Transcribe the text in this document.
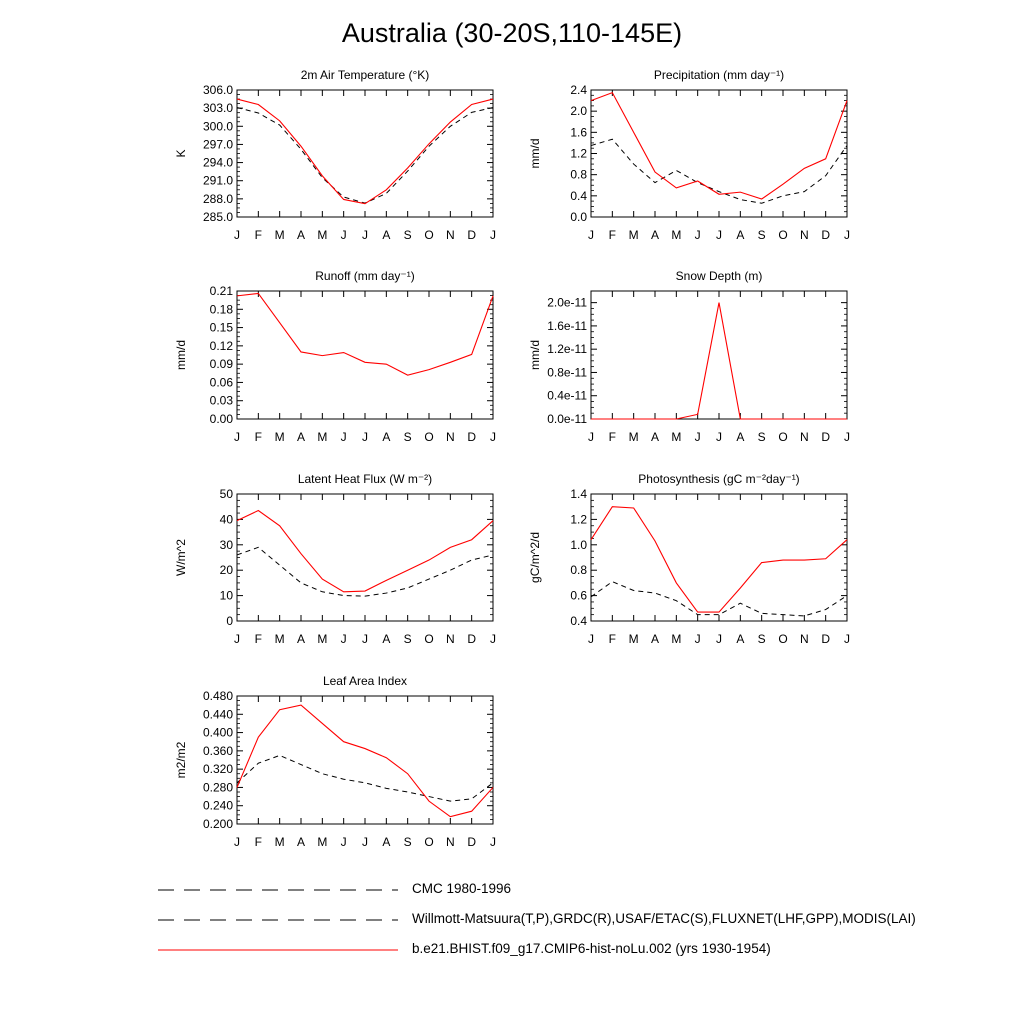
Australia (30-20S,110-145E)
2m Air Temperature (°K)
K
306.0
303.0
300.0
297.0
294.0
291.0
288.0
285.0
J F M A M J J A S O N D J
Precipitation (mm day⁻¹)
mm/d
2.4
2.0
1.6
1.2
0.8
0.4
0.0
J F M A M J J A S O N D J
Runoff (mm day⁻¹)
mm/d
0.21
0.18
0.15
0.12
0.09
0.06
0.03
0.00
J F M A M J J A S O N D J
Snow Depth (m)
mm/d
2.0e-11
1.6e-11
1.2e-11
0.8e-11
0.4e-11
0.0e-11
J F M A M J J A S O N D J
Latent Heat Flux (W m⁻²)
W/m^2
50
40
30
20
10
0
J F M A M J J A S O N D J
Photosynthesis (gC m⁻²day⁻¹)
gC/m^2/d
1.4
1.2
1.0
0.8
0.6
0.4
J F M A M J J A S O N D J
Leaf Area Index
m2/m2
0.480
0.440
0.400
0.360
0.320
0.280
0.240
0.200
J F M A M J J A S O N D J
CMC 1980-1996
Willmott-Matsuura(T,P),GRDC(R),USAF/ETAC(S),FLUXNET(LHF,GPP),MODIS(LAI)
b.e21.BHIST.f09_g17.CMIP6-hist-noLu.002 (yrs 1930-1954)
